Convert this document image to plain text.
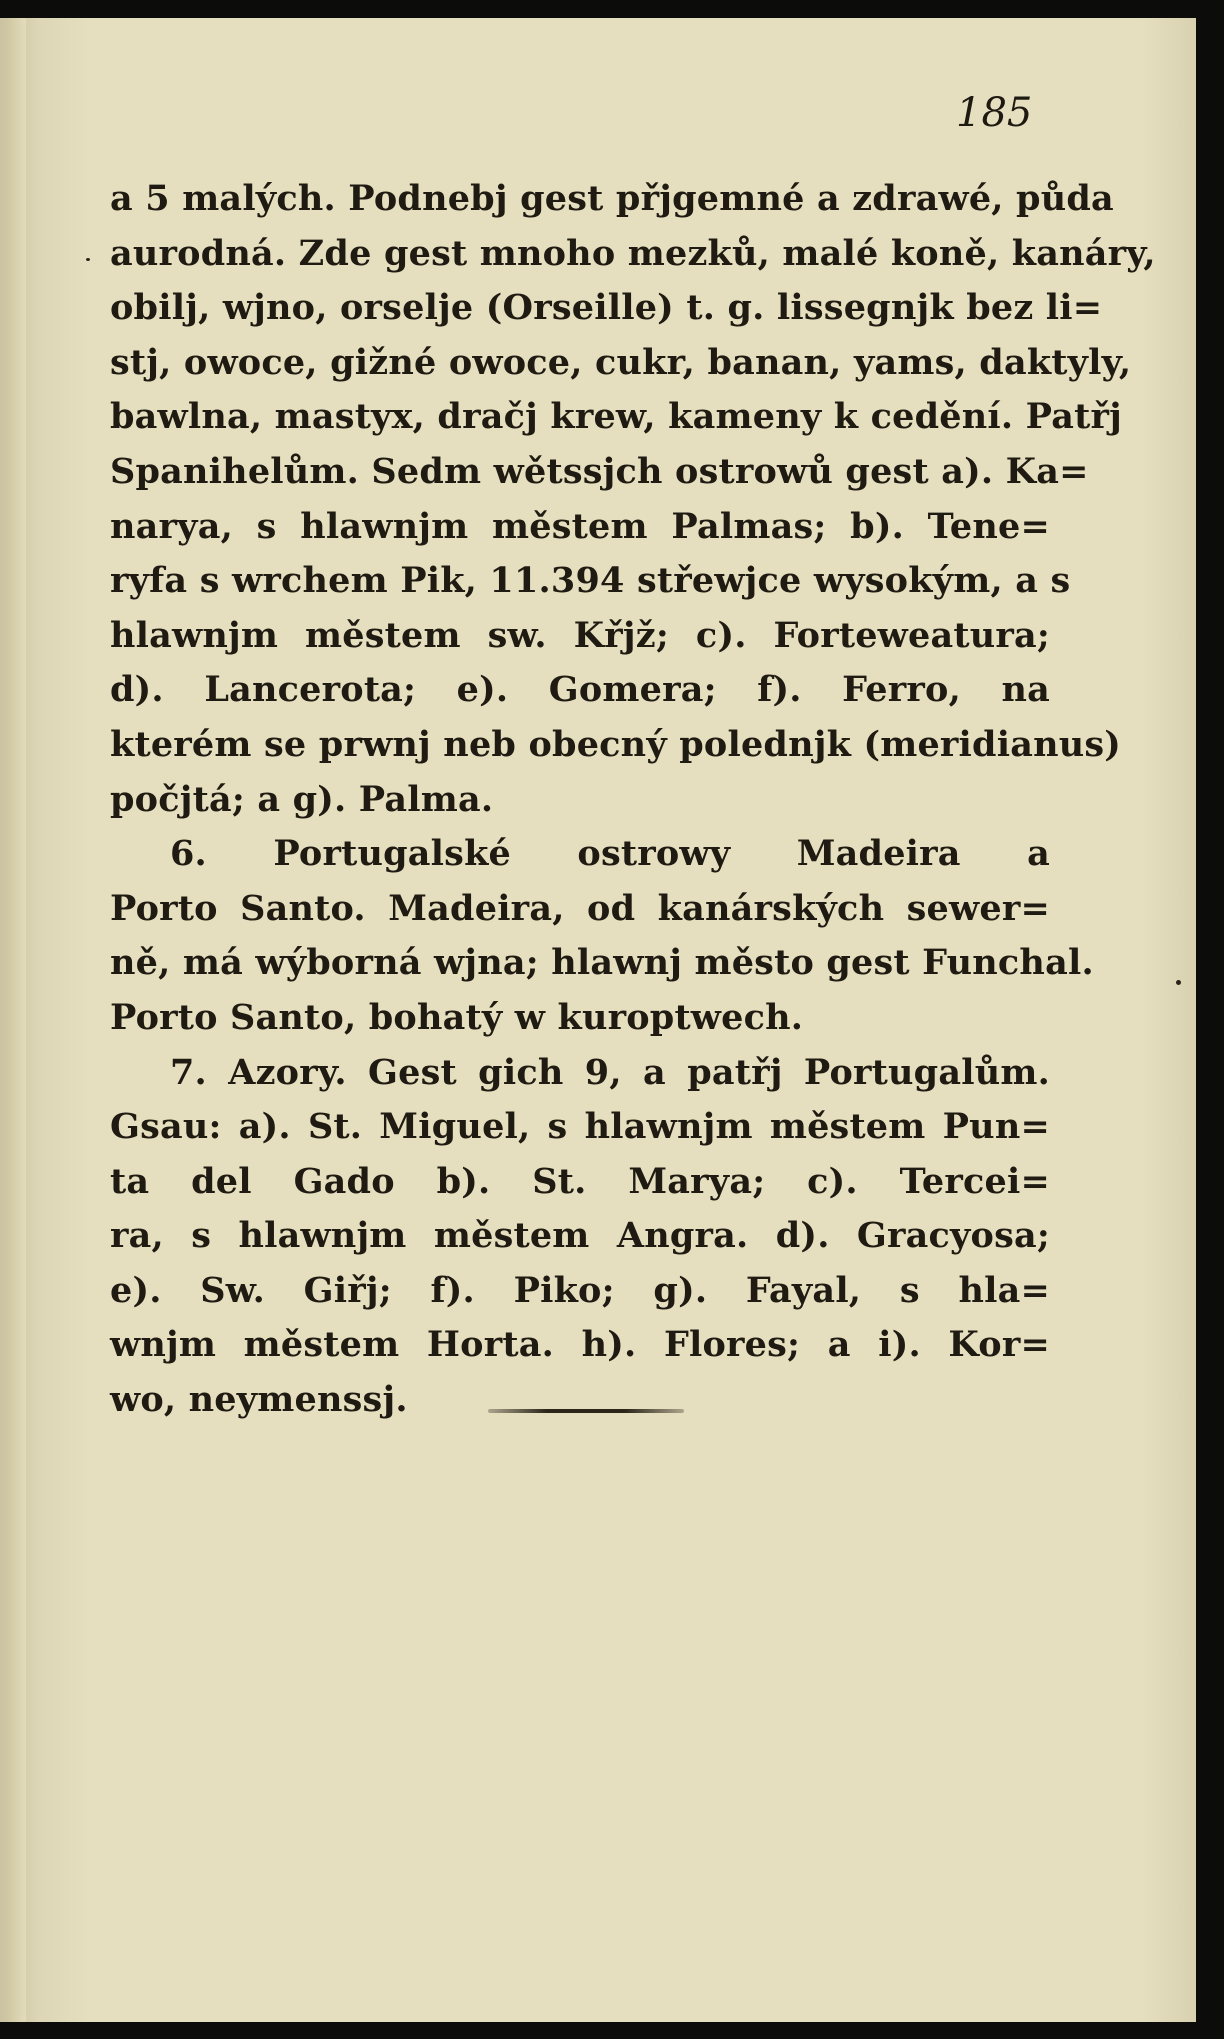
185
a 5 malých. Podnebj gest přjgemné a zdrawé, půda
aurodná. Zde gest mnoho mezků, malé koně, kanáry,
obilj, wjno, orselje (Orseille) t. g. lissegnjk bez li=
stj, owoce, gižné owoce, cukr, banan, yams, daktyly,
bawlna, mastyx, dračj krew, kameny k cedění. Patřj
Spanihelům. Sedm wětssjch ostrowů gest a). Ka=
narya, s hlawnjm městem Palmas; b). Tene=
ryfa s wrchem Pik, 11.394 střewjce wysokým, a s
hlawnjm městem sw. Křjž; c). Forteweatura;
d). Lancerota; e). Gomera; f). Ferro, na
kterém se prwnj neb obecný polednjk (meridianus)
počjtá; a g). Palma.
6. Portugalské ostrowy Madeira a
Porto Santo. Madeira, od kanárských sewer=
ně, má wýborná wjna; hlawnj město gest Funchal.
Porto Santo, bohatý w kuroptwech.
7. Azory. Gest gich 9, a patřj Portugalům.
Gsau: a). St. Miguel, s hlawnjm městem Pun=
ta del Gado b). St. Marya; c). Tercei=
ra, s hlawnjm městem Angra. d). Gracyosa;
e). Sw. Giřj; f). Piko; g). Fayal, s hla=
wnjm městem Horta. h). Flores; a i). Kor=
wo, neymenssj.
